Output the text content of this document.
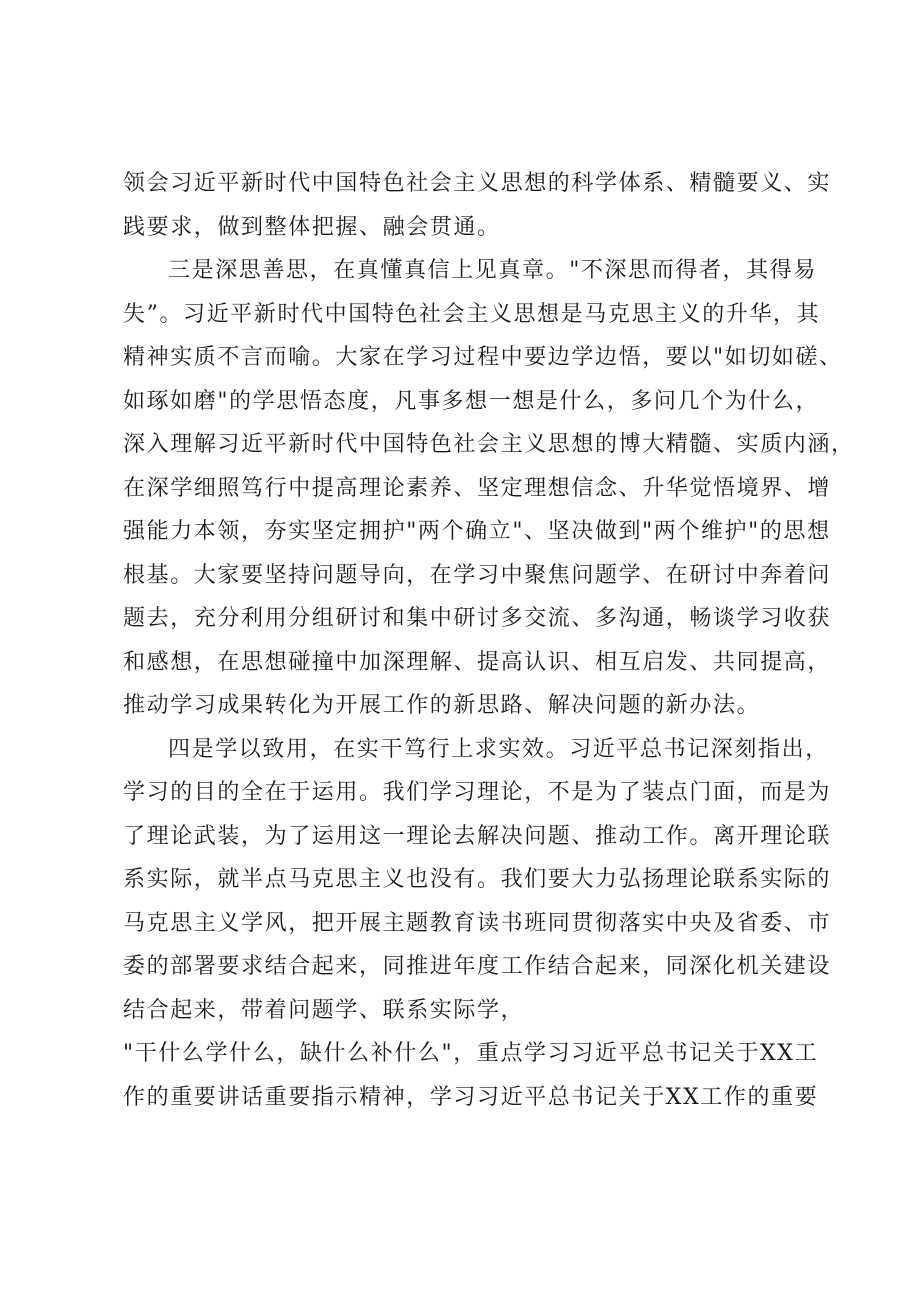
领会习近平新时代中国特色社会主义思想的科学体系、精髓要义、实
践要求，做到整体把握、融会贯通。
三是深思善思，在真懂真信上见真章。"不深思而得者，其得易
失”。习近平新时代中国特色社会主义思想是马克思主义的升华，其
精神实质不言而喻。大家在学习过程中要边学边悟，要以"如切如磋、
如琢如磨"的学思悟态度，凡事多想一想是什么，多问几个为什么，
深入理解习近平新时代中国特色社会主义思想的博大精髓、实质内涵，
在深学细照笃行中提高理论素养、坚定理想信念、升华觉悟境界、增
强能力本领，夯实坚定拥护"两个确立"、坚决做到"两个维护"的思想
根基。大家要坚持问题导向，在学习中聚焦问题学、在研讨中奔着问
题去，充分利用分组研讨和集中研讨多交流、多沟通，畅谈学习收获
和感想，在思想碰撞中加深理解、提高认识、相互启发、共同提高，
推动学习成果转化为开展工作的新思路、解决问题的新办法。
四是学以致用，在实干笃行上求实效。习近平总书记深刻指出，
学习的目的全在于运用。我们学习理论，不是为了装点门面，而是为
了理论武装，为了运用这一理论去解决问题、推动工作。离开理论联
系实际，就半点马克思主义也没有。我们要大力弘扬理论联系实际的
马克思主义学风，把开展主题教育读书班同贯彻落实中央及省委、市
委的部署要求结合起来，同推进年度工作结合起来，同深化机关建设
结合起来，带着问题学、联系实际学，
"干什么学什么，缺什么补什么"，重点学习习近平总书记关于XX工
作的重要讲话重要指示精神，学习习近平总书记关于XX工作的重要
